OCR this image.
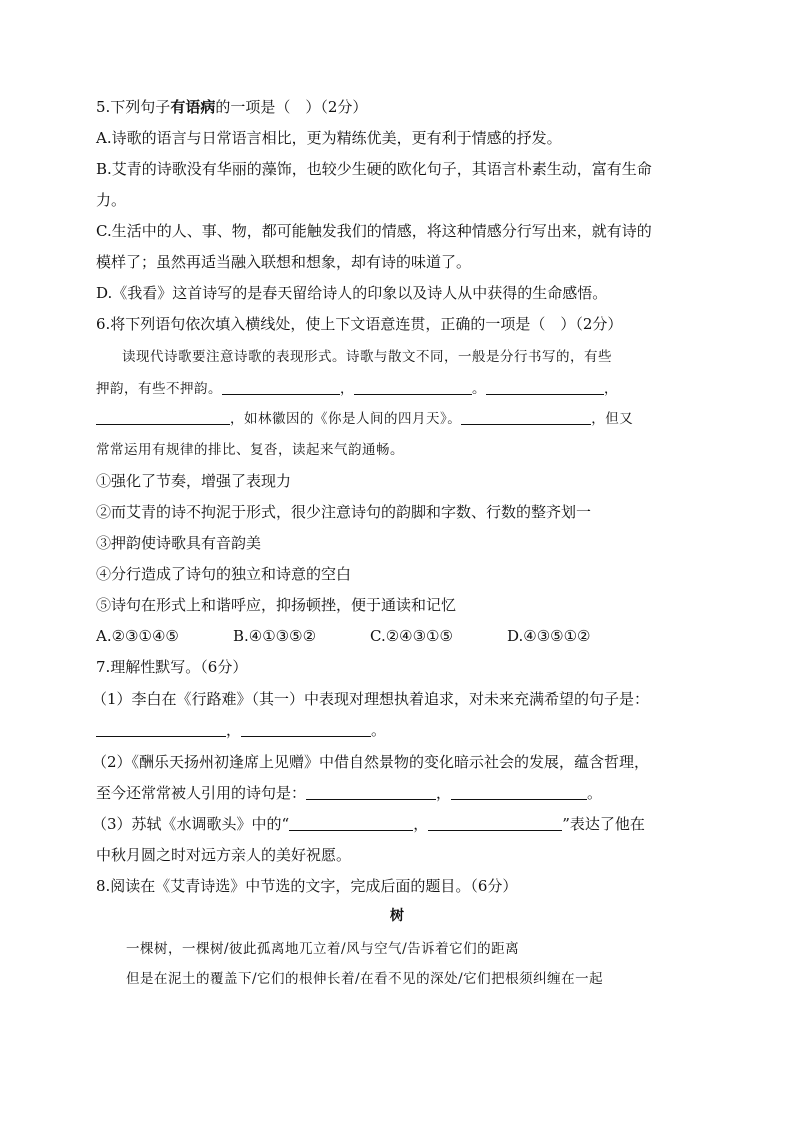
5.下列句子有语病的一项是（　）（2分）
A.诗歌的语言与日常语言相比，更为精练优美，更有利于情感的抒发。
B.艾青的诗歌没有华丽的藻饰，也较少生硬的欧化句子，其语言朴素生动，富有生命
力。
C.生活中的人、事、物，都可能触发我们的情感，将这种情感分行写出来，就有诗的
模样了；虽然再适当融入联想和想象，却有诗的味道了。
D.《我看》这首诗写的是春天留给诗人的印象以及诗人从中获得的生命感悟。
6.将下列语句依次填入横线处，使上下文语意连贯，正确的一项是（　）（2分）
读现代诗歌要注意诗歌的表现形式。诗歌与散文不同，一般是分行书写的，有些
押韵，有些不押韵。	，	。	，
，如林徽因的《你是人间的四月天》。	，但又
常常运用有规律的排比、复沓，读起来气韵通畅。
①强化了节奏，增强了表现力
②而艾青的诗不拘泥于形式，很少注意诗句的韵脚和字数、行数的整齐划一
③押韵使诗歌具有音韵美
④分行造成了诗句的独立和诗意的空白
⑤诗句在形式上和谐呼应，抑扬顿挫，便于通读和记忆
A.②③①④⑤	B.④①③⑤②	C.②④③①⑤	D.④③⑤①②
7.理解性默写。（6分）
（1）李白在《行路难》（其一）中表现对理想执着追求，对未来充满希望的句子是：
，	。
（2）《酬乐天扬州初逢席上见赠》中借自然景物的变化暗示社会的发展，蕴含哲理，
至今还常常被人引用的诗句是：	，	。
（3）苏轼《水调歌头》中的“	，	”表达了他在
中秋月圆之时对远方亲人的美好祝愿。
8.阅读在《艾青诗选》中节选的文字，完成后面的题目。（6分）
树
一棵树，一棵树/彼此孤离地兀立着/风与空气/告诉着它们的距离
但是在泥土的覆盖下/它们的根伸长着/在看不见的深处/它们把根须纠缠在一起
